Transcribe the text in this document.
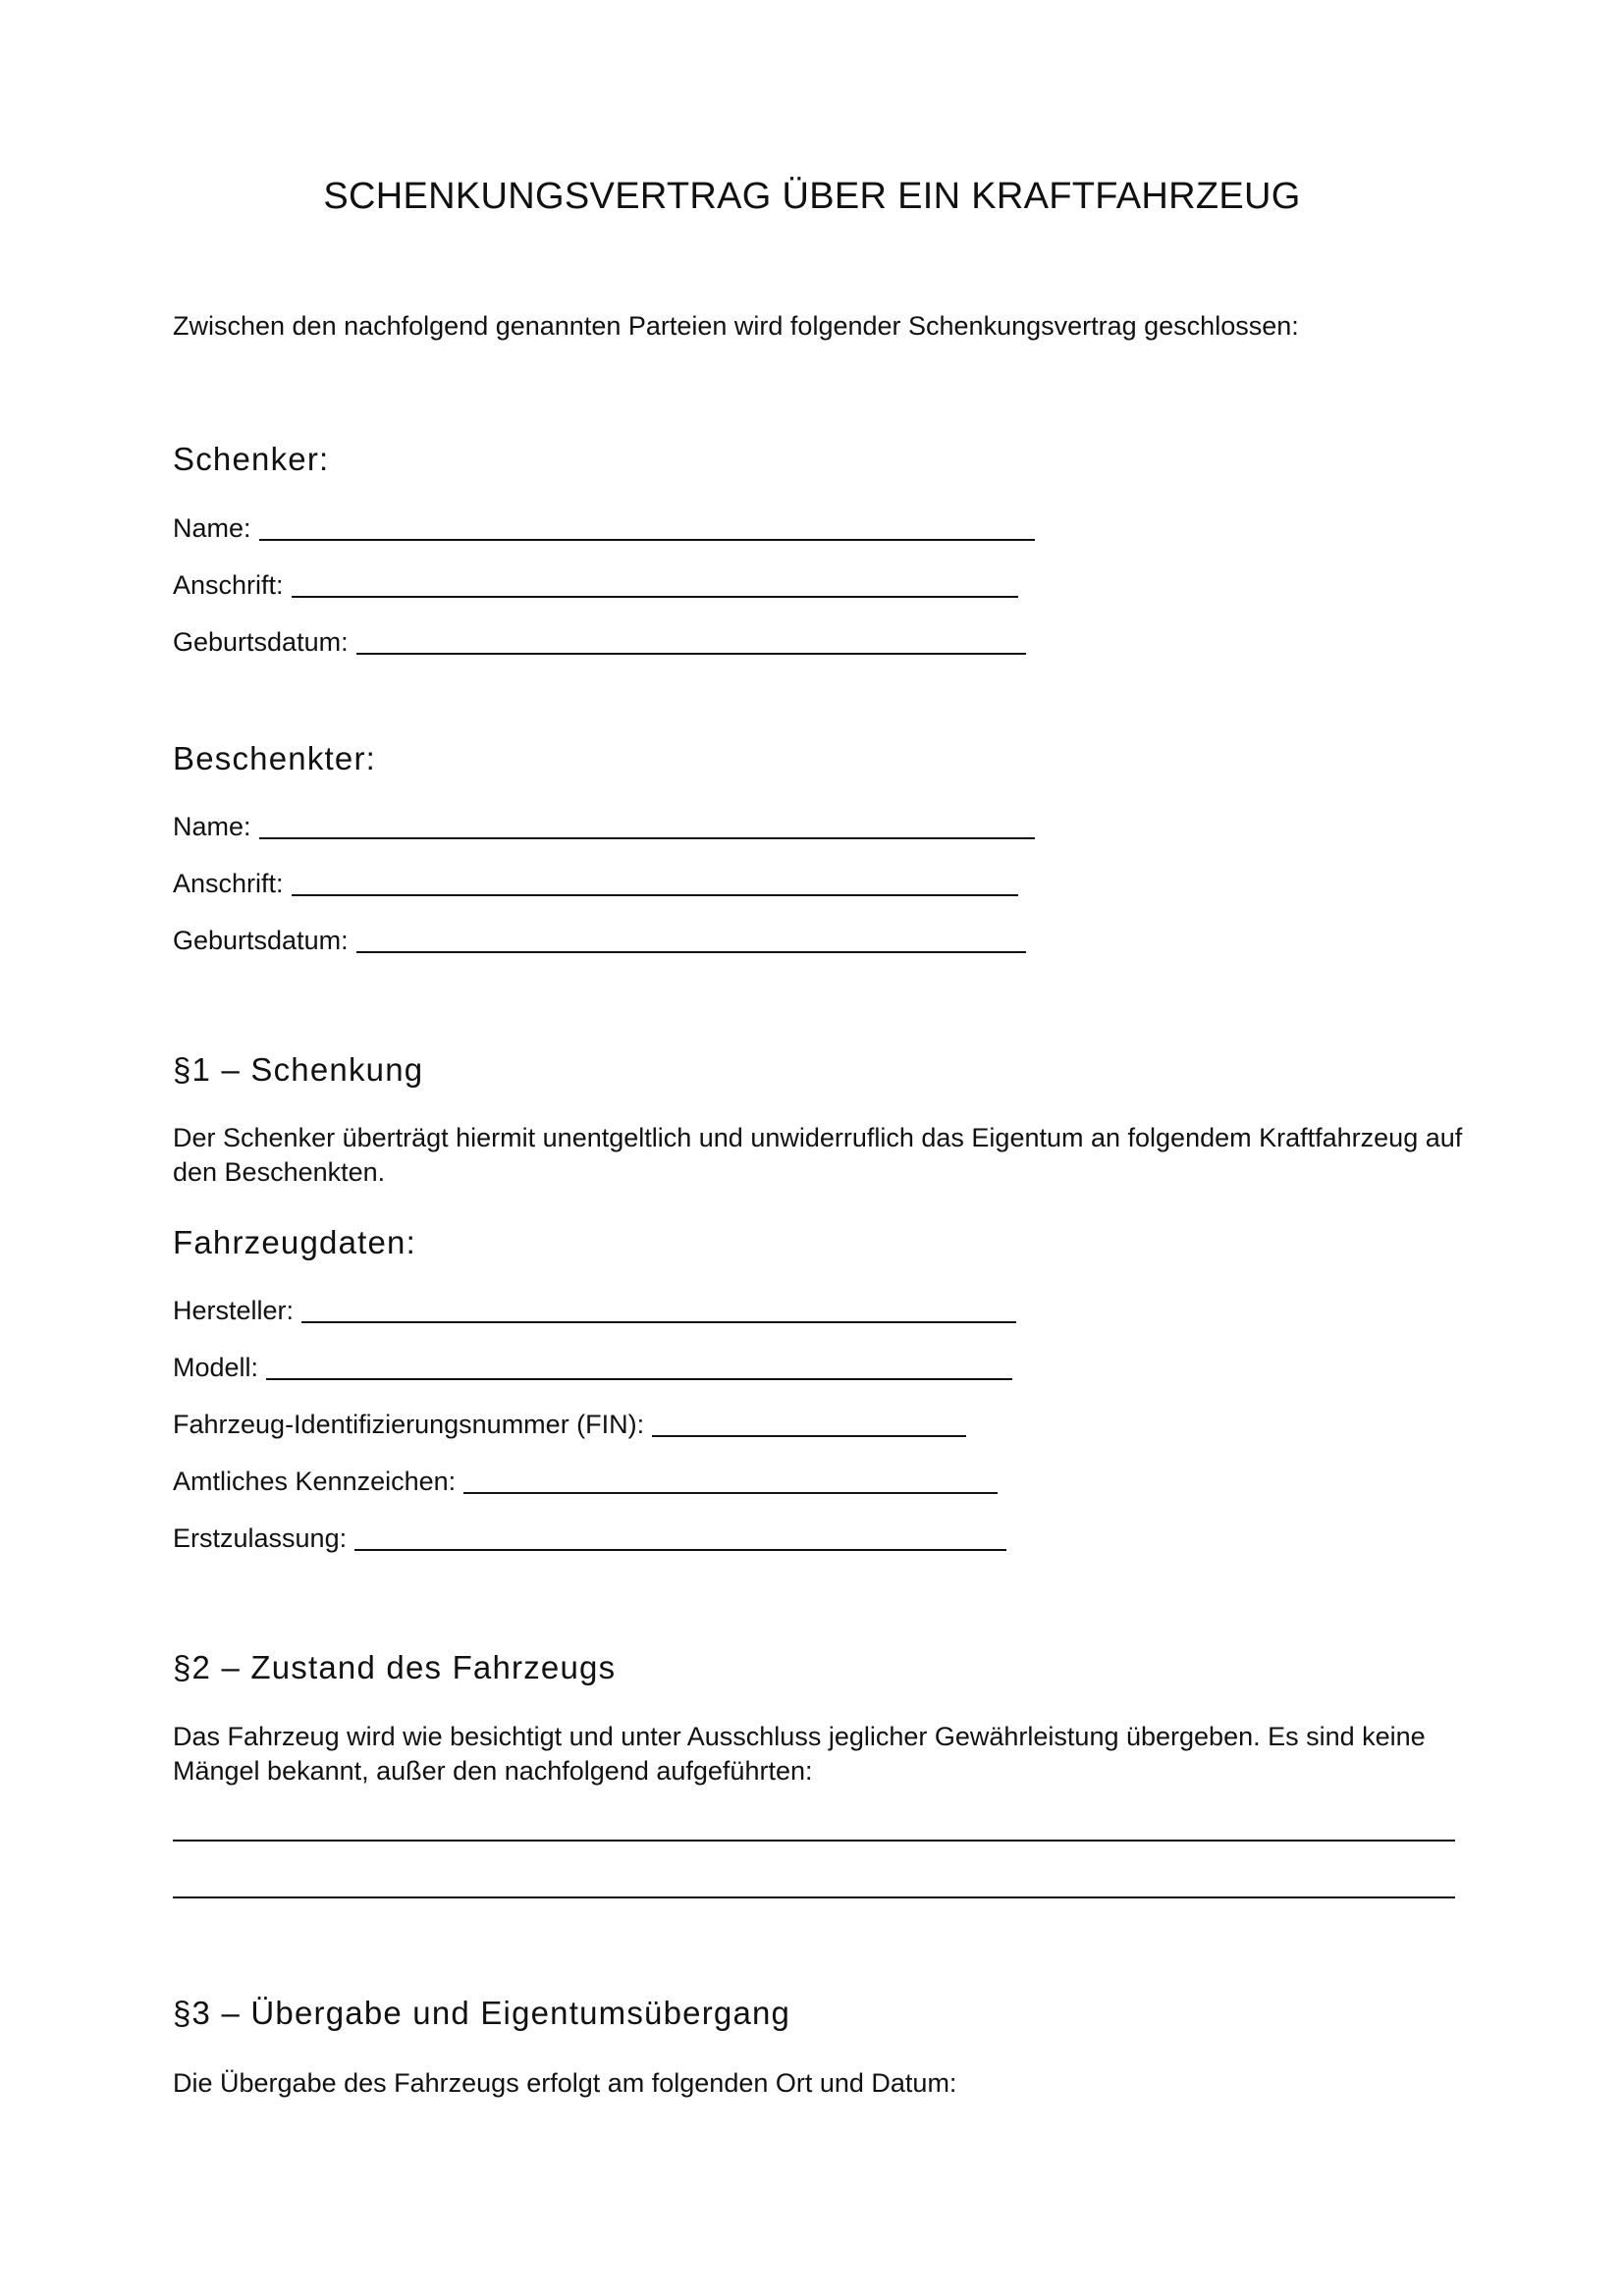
SCHENKUNGSVERTRAG ÜBER EIN KRAFTFAHRZEUG
Zwischen den nachfolgend genannten Parteien wird folgender Schenkungsvertrag geschlossen:
Schenker:
Name:
Anschrift:
Geburtsdatum:
Beschenkter:
Name:
Anschrift:
Geburtsdatum:
§1 – Schenkung
Der Schenker überträgt hiermit unentgeltlich und unwiderruflich das Eigentum an folgendem Kraftfahrzeug auf den Beschenkten.
Fahrzeugdaten:
Hersteller:
Modell:
Fahrzeug-Identifizierungsnummer (FIN):
Amtliches Kennzeichen:
Erstzulassung:
§2 – Zustand des Fahrzeugs
Das Fahrzeug wird wie besichtigt und unter Ausschluss jeglicher Gewährleistung übergeben. Es sind keine Mängel bekannt, außer den nachfolgend aufgeführten:
§3 – Übergabe und Eigentumsübergang
Die Übergabe des Fahrzeugs erfolgt am folgenden Ort und Datum:
